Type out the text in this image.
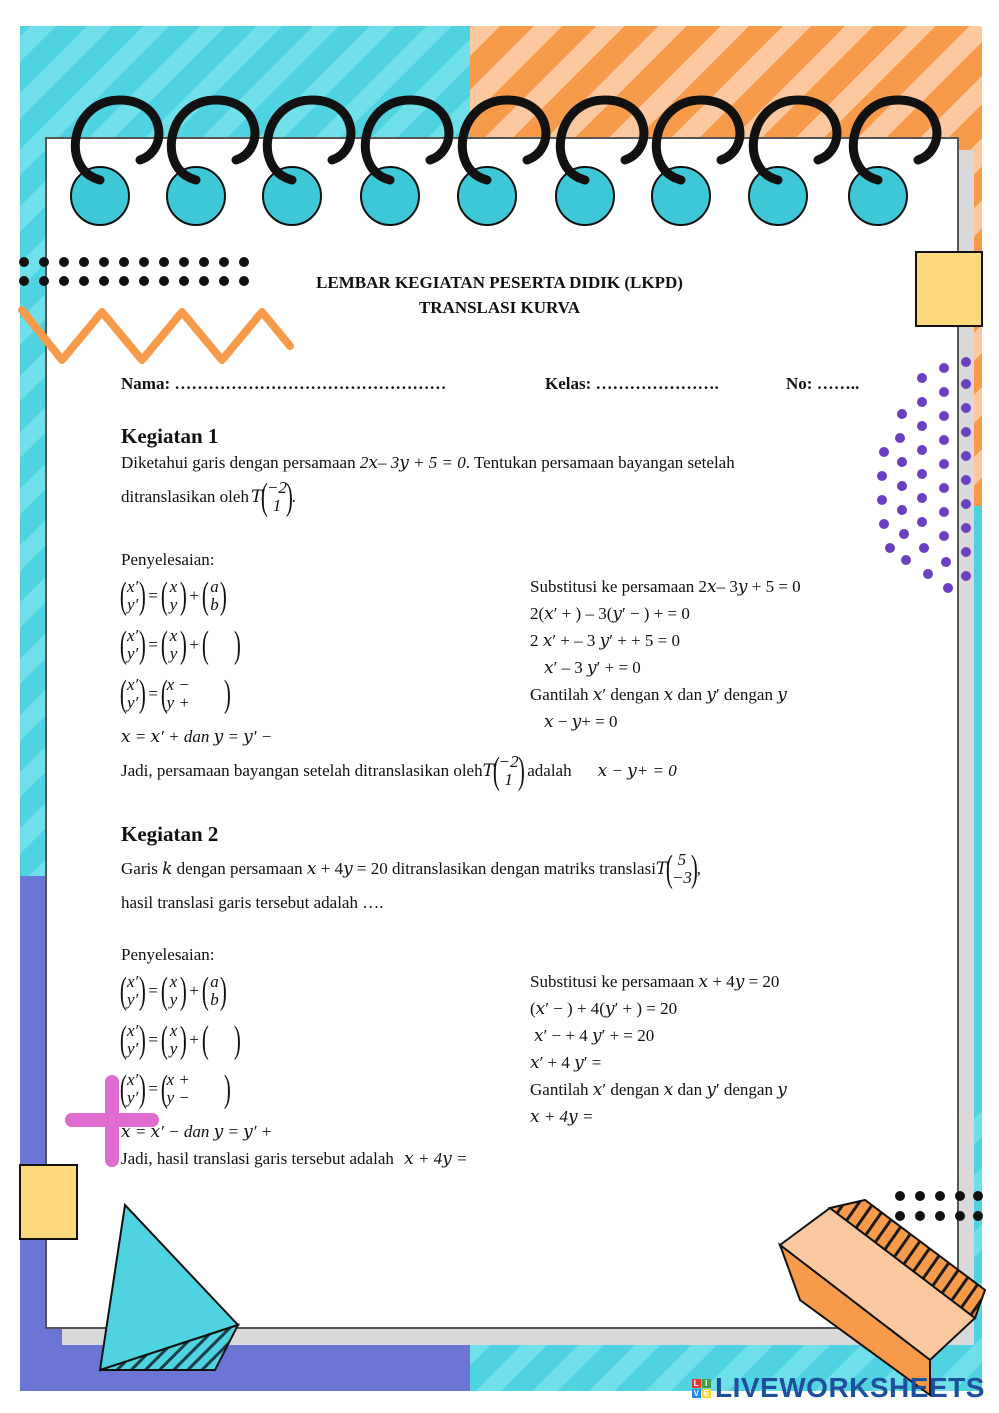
LEMBAR KEGIATAN PESERTA DIDIK (LKPD)
TRANSLASI KURVA
Nama: …………………………………………	Kelas: ………………….	No: ……..
Kegiatan 1
Diketahui garis dengan persamaan 2𝑥– 3𝑦 + 5 = 0. Tentukan persamaan bayangan setelah
ditranslasikan oleh 𝑇
(
−2
1 )
.
Penyelesaian:
( x′
y′ ) = ( x
y ) + ( a
b )
( x′
y′ ) = ( x
y ) + ( )
( x′
y′ ) = (
x −
y + )
𝑥 = 𝑥′ + dan 𝑦 = 𝑦′ −
Substitusi ke persamaan 2𝑥– 3𝑦 + 5 = 0
2(𝑥′ + ) – 3(𝑦′ − ) + = 0
2 𝑥′ + – 3 𝑦′ + + 5 = 0
𝑥′ – 3 𝑦′ + = 0
Gantilah 𝑥′ dengan 𝑥 dan 𝑦′ dengan 𝑦
𝑥 − 𝑦+ = 0
Jadi, persamaan bayangan setelah ditranslasikan oleh 𝑇
(
−2
1 ) adalah 𝑥 − 𝑦+ = 0
Kegiatan 2
Garis 𝑘 dengan persamaan 𝑥 + 4𝑦 = 20 ditranslasikan dengan matriks translasi 𝑇
( 5
−3
)
,
hasil translasi garis tersebut adalah ….
Penyelesaian:
( x′
y′ ) = ( x
y ) + ( a
b )
( x′
y′ ) = ( x
y ) + ( )
( x′
y′ ) = (
x +
y − )
𝑥 = 𝑥′ − dan 𝑦 = 𝑦′ +
Substitusi ke persamaan 𝑥 + 4𝑦 = 20
(𝑥′ − ) + 4(𝑦′ + ) = 20
𝑥′ − + 4 𝑦′ + = 20
𝑥′ + 4 𝑦′ =
Gantilah 𝑥′ dengan 𝑥 dan 𝑦′ dengan 𝑦
𝑥 + 4𝑦 =
Jadi, hasil translasi garis tersebut adalah 𝑥 + 4𝑦 =
L I
V E LIVEWORKSHEETS
